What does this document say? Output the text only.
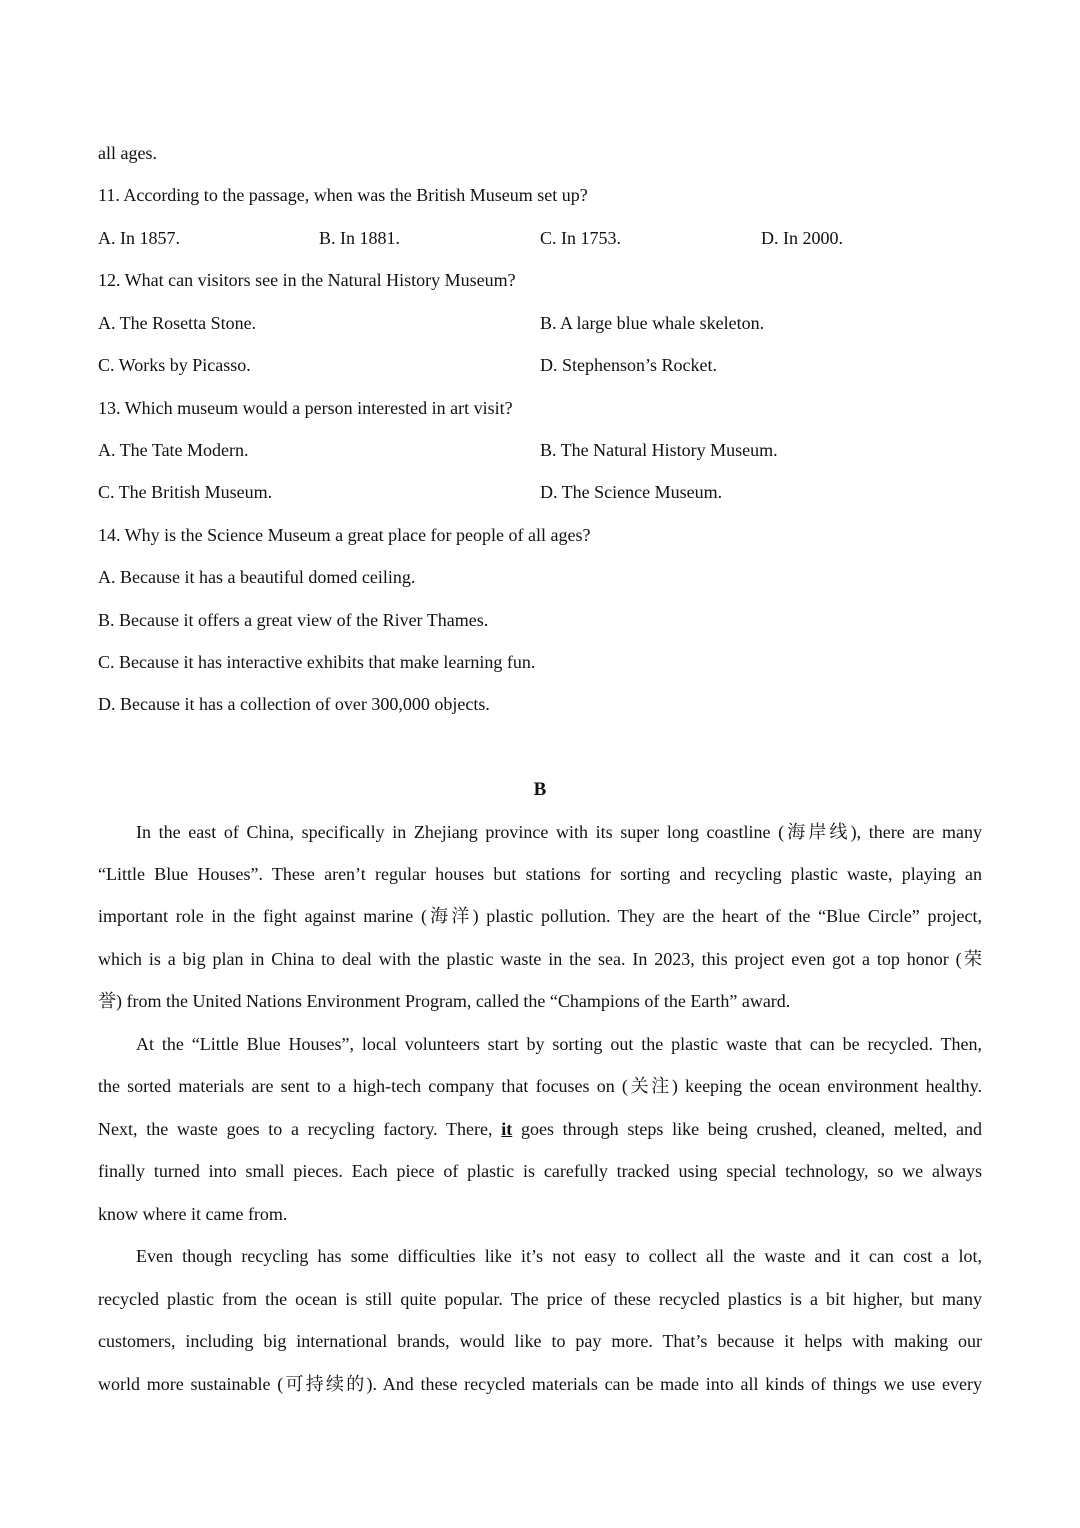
all ages.
11. According to the passage, when was the British Museum set up?
A. In 1857.	B. In 1881.	C. In 1753.	D. In 2000.
12. What can visitors see in the Natural History Museum?
A. The Rosetta Stone.	B. A large blue whale skeleton.
C. Works by Picasso.	D. Stephenson’s Rocket.
13. Which museum would a person interested in art visit?
A. The Tate Modern.	B. The Natural History Museum.
C. The British Museum.	D. The Science Museum.
14. Why is the Science Museum a great place for people of all ages?
A. Because it has a beautiful domed ceiling.
B. Because it offers a great view of the River Thames.
C. Because it has interactive exhibits that make learning fun.
D. Because it has a collection of over 300,000 objects.
B
In the east of China, specifically in Zhejiang province with its super long coastline (海岸线), there are many
“Little Blue Houses”. These aren’t regular houses but stations for sorting and recycling plastic waste, playing an
important role in the fight against marine (海洋) plastic pollution. They are the heart of the “Blue Circle” project,
which is a big plan in China to deal with the plastic waste in the sea. In 2023, this project even got a top honor (荣
誉) from the United Nations Environment Program, called the “Champions of the Earth” award.
At the “Little Blue Houses”, local volunteers start by sorting out the plastic waste that can be recycled. Then,
the sorted materials are sent to a high-tech company that focuses on (关注) keeping the ocean environment healthy.
Next, the waste goes to a recycling factory. There, it goes through steps like being crushed, cleaned, melted, and
finally turned into small pieces. Each piece of plastic is carefully tracked using special technology, so we always
know where it came from.
Even though recycling has some difficulties like it’s not easy to collect all the waste and it can cost a lot,
recycled plastic from the ocean is still quite popular. The price of these recycled plastics is a bit higher, but many
customers, including big international brands, would like to pay more. That’s because it helps with making our
world more sustainable (可持续的). And these recycled materials can be made into all kinds of things we use every
